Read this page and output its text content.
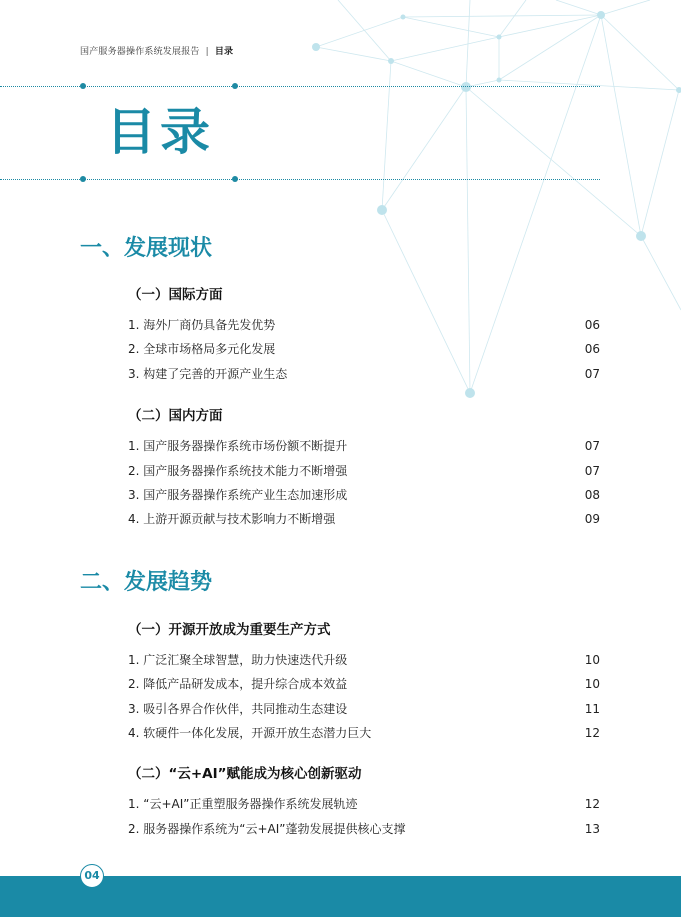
国产服务器操作系统发展报告 | 目录
目录
一、发展现状
（一）国际方面
1. 海外厂商仍具备先发优势	06
2. 全球市场格局多元化发展	06
3. 构建了完善的开源产业生态	07
（二）国内方面
1. 国产服务器操作系统市场份额不断提升	07
2. 国产服务器操作系统技术能力不断增强	07
3. 国产服务器操作系统产业生态加速形成	08
4. 上游开源贡献与技术影响力不断增强	09
二、发展趋势
（一）开源开放成为重要生产方式
1. 广泛汇聚全球智慧，助力快速迭代升级	10
2. 降低产品研发成本，提升综合成本效益	10
3. 吸引各界合作伙伴，共同推动生态建设	11
4. 软硬件一体化发展，开源开放生态潜力巨大	12
（二）“云+AI”赋能成为核心创新驱动
1. “云+AI”正重塑服务器操作系统发展轨迹	12
2. 服务器操作系统为“云+AI”蓬勃发展提供核心支撑	13
04
